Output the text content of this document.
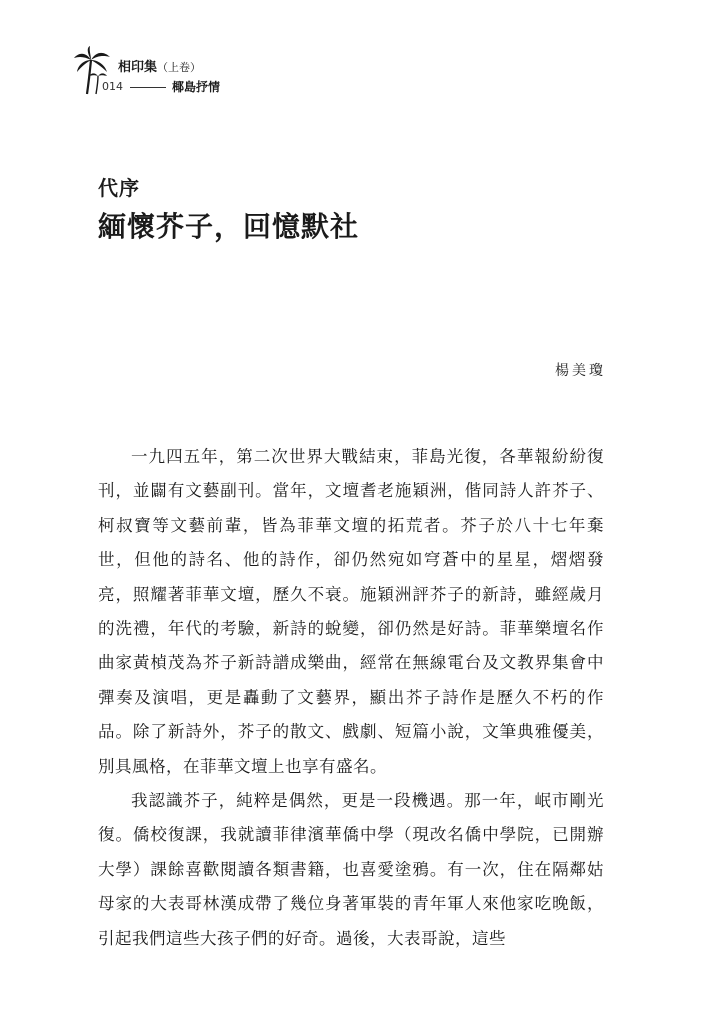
相印集（上卷）
014	椰島抒情
代序
緬懷芥子，回憶默社
楊美瓊

一九四五年，第二次世界大戰結束，菲島光復，各華報紛紛復刊，並闢有文藝副刊。當年，文壇耆老施穎洲，偕同詩人許芥子、柯叔寶等文藝前輩，皆為菲華文壇的拓荒者。芥子於八十七年棄世，但他的詩名、他的詩作，卻仍然宛如穹蒼中的星星，熠熠發亮，照耀著菲華文壇，歷久不衰。施穎洲評芥子的新詩，雖經歲月的洗禮，年代的考驗，新詩的蛻變，卻仍然是好詩。菲華樂壇名作曲家黃楨茂為芥子新詩譜成樂曲，經常在無線電台及文教界集會中彈奏及演唱，更是轟動了文藝界，顯出芥子詩作是歷久不朽的作品。除了新詩外，芥子的散文、戲劇、短篇小說，文筆典雅優美，別具風格，在菲華文壇上也享有盛名。

我認識芥子，純粹是偶然，更是一段機遇。那一年，岷市剛光復。僑校復課，我就讀菲律濱華僑中學（現改名僑中學院，已開辦大學）課餘喜歡閱讀各類書籍，也喜愛塗鴉。有一次，住在隔鄰姑母家的大表哥林漢成帶了幾位身著軍裝的青年軍人來他家吃晚飯，引起我們這些大孩子們的好奇。過後，大表哥說，這些
